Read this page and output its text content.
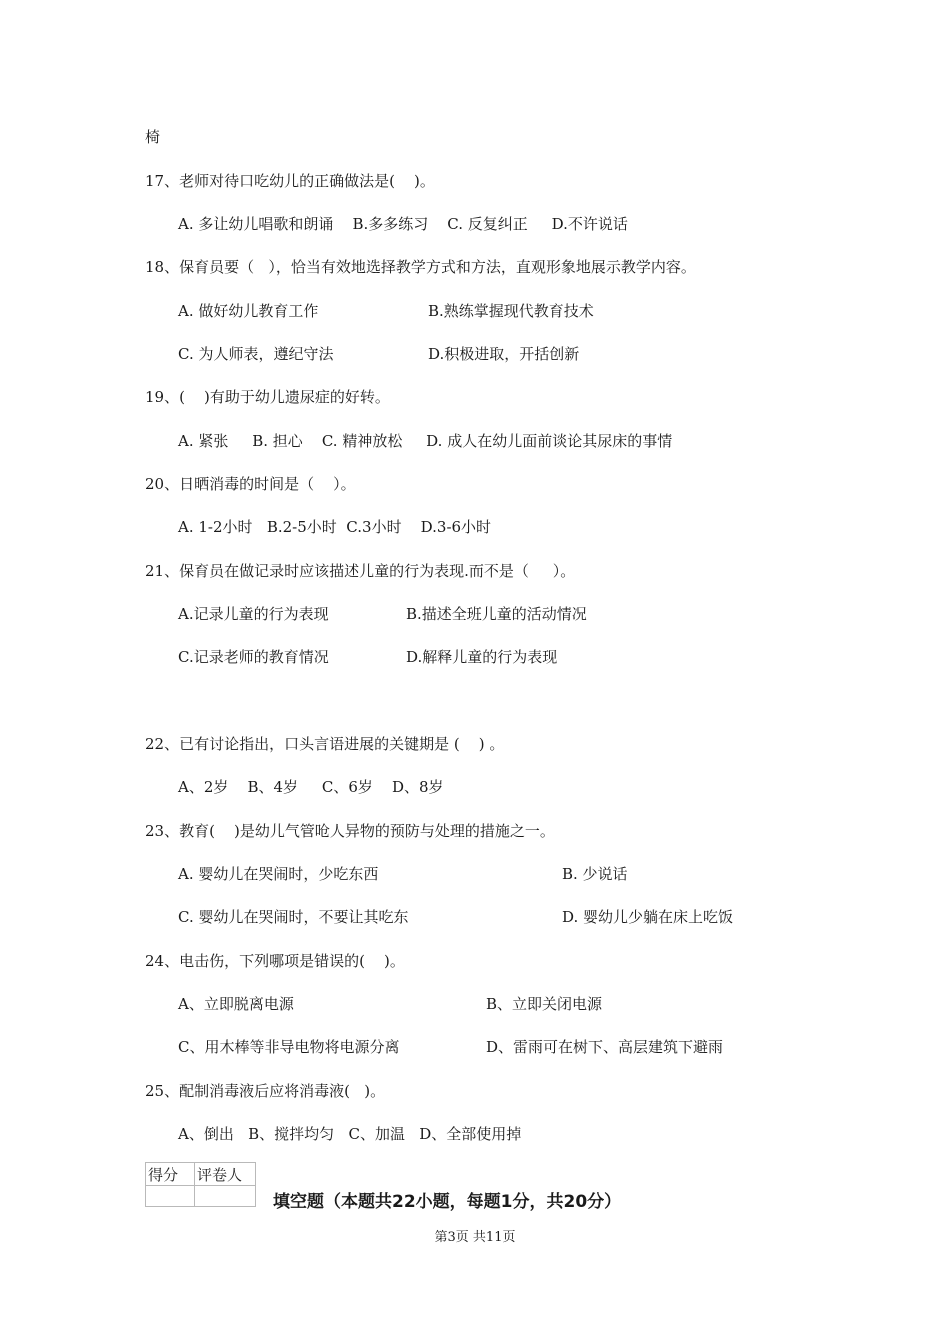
椅
17、老师对待口吃幼儿的正确做法是(    )。
A. 多让幼儿唱歌和朗诵    B.多多练习    C. 反复纠正     D.不许说话
18、保育员要（   ），恰当有效地选择教学方式和方法，直观形象地展示教学内容。
A. 做好幼儿教育工作	B.熟练掌握现代教育技术
C. 为人师表，遵纪守法	D.积极进取，开括创新
19、(    )有助于幼儿遗尿症的好转。
A. 紧张     B. 担心    C. 精神放松     D. 成人在幼儿面前谈论其尿床的事情
20、日晒消毒的时间是（    ）。
A. 1-2小时   B.2-5小时  C.3小时    D.3-6小时
21、保育员在做记录时应该描述儿童的行为表现.而不是（     ）。
A.记录儿童的行为表现	B.描述全班儿童的活动情况
C.记录老师的教育情况	D.解释儿童的行为表现
22、已有讨论指出，口头言语进展的关键期是 (    ) 。
A、2岁    B、4岁     C、6岁    D、8岁
23、教育(    )是幼儿气管呛人异物的预防与处理的措施之一。
A. 婴幼儿在哭闹时，少吃东西	B. 少说话
C. 婴幼儿在哭闹时，不要让其吃东	D. 婴幼儿少躺在床上吃饭
24、电击伤，下列哪项是错误的(    )。
A、立即脱离电源	B、立即关闭电源
C、用木棒等非导电物将电源分离	D、雷雨可在树下、高层建筑下避雨
25、配制消毒液后应将消毒液(   )。
A、倒出   B、搅拌均匀   C、加温   D、全部使用掉
得分	评卷人

填空题（本题共22小题，每题1分，共20分）
第3页 共11页
